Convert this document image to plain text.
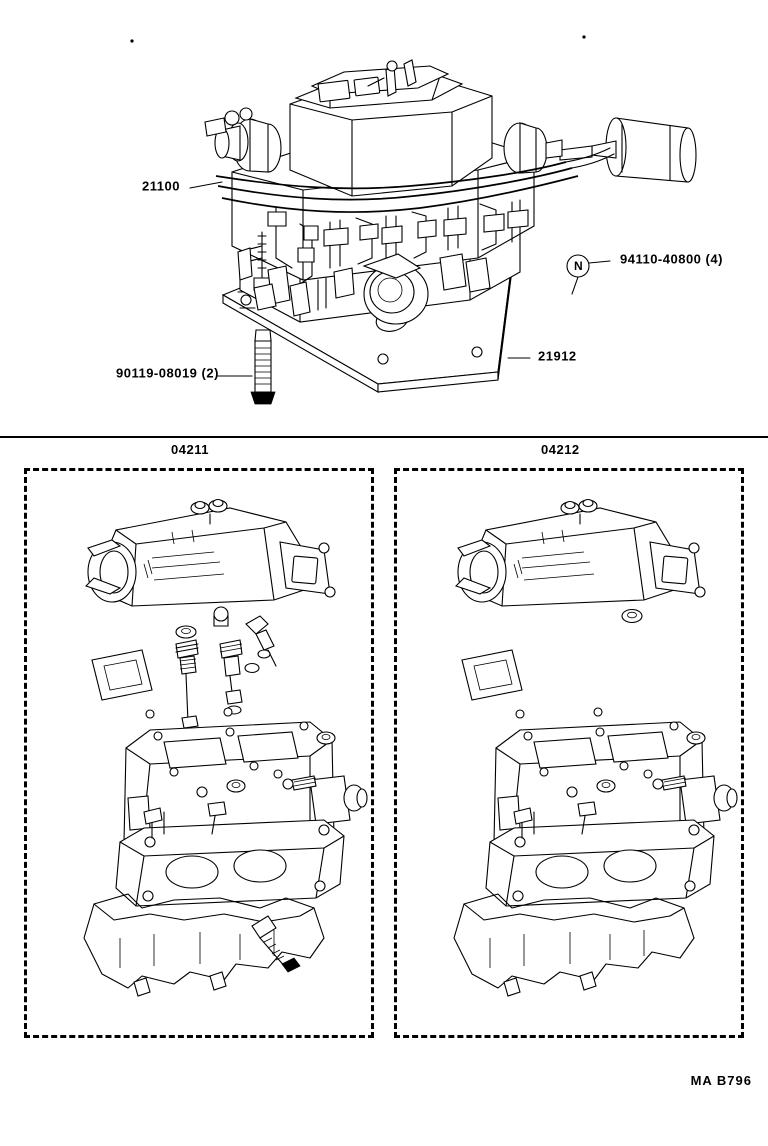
21100
94110-40800 (4)
21912
90119-08019 (2)
N
04211	04212
MA B796
